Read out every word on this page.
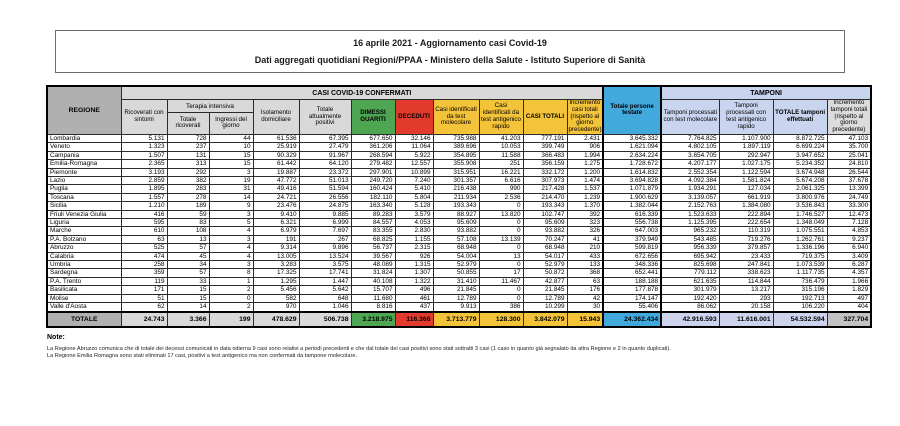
16 aprile 2021 - Aggiornamento casi Covid-19
Dati aggregati quotidiani Regioni/PPAA - Ministero della Salute - Istituto Superiore di Sanità
REGIONE	CASI COVID-19 CONFERMATI											Totale persone testate	TAMPONI			
	Ricoverati con sintomi	Terapia intensiva		Isolamento domiciliare	Totale attualmente positivi	DIMESSI GUARITI	DECEDUTI	Casi identificati da test molecolare	Casi identificati da test antigenico rapido	CASI TOTALI	Incremento casi totali (rispetto al giorno precedente)		Tamponi processati con test molecolare	Tamponi processati con test antigenico rapido	TOTALE tamponi effettuati	Incremento tamponi totali (rispetto al giorno precedente)
		Totale ricoverati	Ingressi del giorno													
Lombardia	5.131	728	44	61.536	67.395	677.650	32.146	735.988	41.203	777.191	2.431	3.645.332	7.764.825	1.107.900	8.872.725	47.103
Veneto	1.323	237	10	25.919	27.479	361.206	11.064	389.696	10.053	399.749	906	1.621.094	4.802.105	1.897.119	6.699.224	35.700
Campania	1.507	131	15	90.329	91.967	268.594	5.922	354.895	11.588	366.483	1.994	2.634.224	3.654.705	292.947	3.947.652	25.041
Emilia-Romagna	2.365	313	15	61.442	64.120	279.482	12.557	355.908	251	356.159	1.275	1.728.672	4.207.177	1.027.175	5.234.352	24.810
Piemonte	3.193	292	3	19.887	23.372	297.901	10.899	315.951	16.221	332.172	1.200	1.614.832	2.552.354	1.122.594	3.674.948	26.544
Lazio	2.859	382	19	47.772	51.013	249.720	7.240	301.357	6.616	307.973	1.474	3.694.828	4.092.384	1.581.824	5.674.208	37.678
Puglia	1.895	283	31	49.416	51.594	160.424	5.410	216.438	990	217.428	1.537	1.071.879	1.934.291	127.034	2.061.325	13.399
Toscana	1.557	278	14	24.721	26.556	182.110	5.804	211.934	2.536	214.470	1.239	1.900.629	3.139.057	661.919	3.800.976	24.749
Sicilia	1.210	189	9	23.476	24.875	163.340	5.128	193.343	0	193.343	1.370	1.382.044	2.152.763	1.384.080	3.536.843	33.300
Friuli Venezia Giulia	416	59	3	9.410	9.885	89.283	3.579	88.927	13.820	102.747	392	616.339	1.523.633	222.894	1.746.527	12.473
Liguria	595	83	5	6.321	6.999	84.557	4.053	95.609	0	95.609	323	556.738	1.125.395	222.654	1.348.049	7.128
Marche	610	108	4	6.979	7.697	83.355	2.830	93.882	0	93.882	326	647.003	965.232	110.319	1.075.551	4.853
P.A. Bolzano	63	13	3	191	267	68.825	1.155	57.108	13.139	70.247	41	379.949	543.485	719.276	1.262.761	9.237
Abruzzo	525	57	4	9.314	9.896	56.737	2.315	68.948	0	68.948	210	599.819	956.339	379.857	1.336.196	6.940
Calabria	474	45	4	13.005	13.524	39.567	926	54.004	13	54.017	433	672.656	695.942	23.433	719.375	3.409
Umbria	258	34	3	3.283	3.575	48.089	1.315	52.979	0	52.979	133	348.336	825.698	247.841	1.073.539	6.287
Sardegna	359	57	8	17.325	17.741	31.824	1.307	50.855	17	50.872	368	652.441	779.112	338.623	1.117.735	4.357
P.A. Trento	119	33	1	1.295	1.447	40.108	1.322	31.410	11.467	42.877	63	188.188	621.635	114.844	736.479	1.966
Basilicata	171	15	2	5.456	5.642	15.707	496	21.845	0	21.845	176	177.878	301.979	13.217	315.196	1.829
Molise	51	15	0	582	648	11.680	461	12.789	0	12.789	42	174.147	192.420	293	192.713	497
Valle d'Aosta	62	14	2	970	1.046	8.816	437	9.913	386	10.299	30	55.406	86.062	20.158	106.220	404
TOTALE	24.743	3.366	199	478.629	506.738	3.218.975	116.366	3.713.779	128.300	3.842.079	15.943	24.362.434	42.916.593	11.616.001	54.532.594	327.704
Note:
La Regione Abruzzo comunica che di totale dei decessi comunicati in data odierna 9 casi sono relativi a periodi precedenti e che dal totale dei casi positivi sono stati sottratti 3 casi (1 caso in quanto già segnalato da altra Regione e 2 in quanto duplicati).
La Regione Emilia Romagna sono stati eliminati 17 casi, positivi a test antigenico ma non confermati da tampone molecolare.
